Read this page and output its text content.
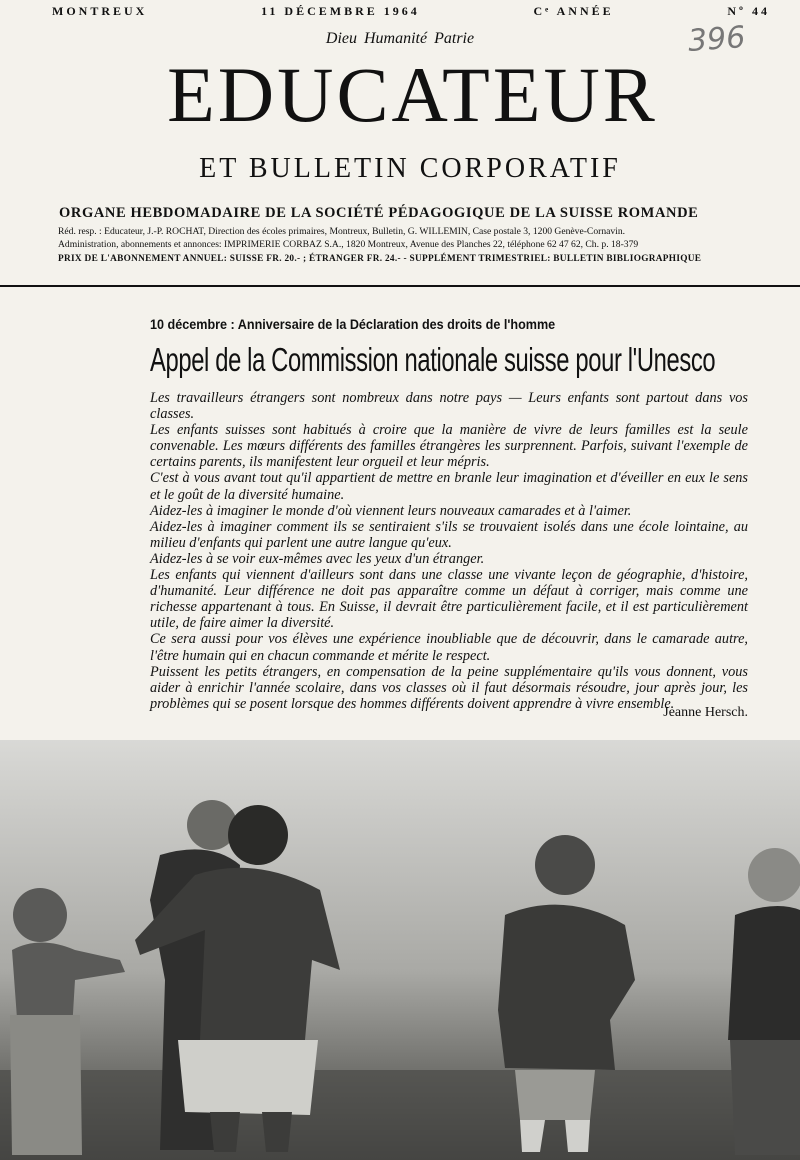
MONTREUX	11 DÉCEMBRE 1964	Cᵉ ANNÉE	Nº 44
396
Dieu Humanité Patrie
EDUCATEUR
ET BULLETIN CORPORATIF
ORGANE HEBDOMADAIRE DE LA SOCIÉTÉ PÉDAGOGIQUE DE LA SUISSE ROMANDE
Réd. resp. : Educateur, J.-P. ROCHAT, Direction des écoles primaires, Montreux, Bulletin, G. WILLEMIN, Case postale 3, 1200 Genève-Cornavin.
Administration, abonnements et annonces: IMPRIMERIE CORBAZ S.A., 1820 Montreux, Avenue des Planches 22, téléphone 62 47 62, Ch. p. 18-379
PRIX DE L'ABONNEMENT ANNUEL: SUISSE FR. 20.- ; ÉTRANGER FR. 24.- - SUPPLÉMENT TRIMESTRIEL: BULLETIN BIBLIOGRAPHIQUE
10 décembre : Anniversaire de la Déclaration des droits de l'homme
Appel de la Commission nationale suisse pour l'Unesco

Les travailleurs étrangers sont nombreux dans notre pays — Leurs enfants sont partout dans vos classes.

Les enfants suisses sont habitués à croire que la manière de vivre de leurs familles est la seule convenable. Les mœurs différents des familles étrangères les surprennent. Parfois, suivant l'exemple de certains parents, ils manifestent leur orgueil et leur mépris.

C'est à vous avant tout qu'il appartient de mettre en branle leur imagination et d'éveiller en eux le sens et le goût de la diversité humaine.

Aidez-les à imaginer le monde d'où viennent leurs nouveaux camarades et à l'aimer.

Aidez-les à imaginer comment ils se sentiraient s'ils se trouvaient isolés dans une école lointaine, au milieu d'enfants qui parlent une autre langue qu'eux.

Aidez-les à se voir eux-mêmes avec les yeux d'un étranger.

Les enfants qui viennent d'ailleurs sont dans une classe une vivante leçon de géographie, d'histoire, d'humanité. Leur différence ne doit pas apparaître comme un défaut à corriger, mais comme une richesse appartenant à tous. En Suisse, il devrait être particulièrement facile, et il est particulièrement utile, de faire aimer la diversité.

Ce sera aussi pour vos élèves une expérience inoubliable que de découvrir, dans le camarade autre, l'être humain qui en chacun commande et mérite le respect.

Puissent les petits étrangers, en compensation de la peine supplémentaire qu'ils vous donnent, vous aider à enrichir l'année scolaire, dans vos classes où il faut désormais résoudre, jour après jour, les problèmes qui se posent lorsque des hommes différents doivent apprendre à vivre ensemble.

Jeanne Hersch.
